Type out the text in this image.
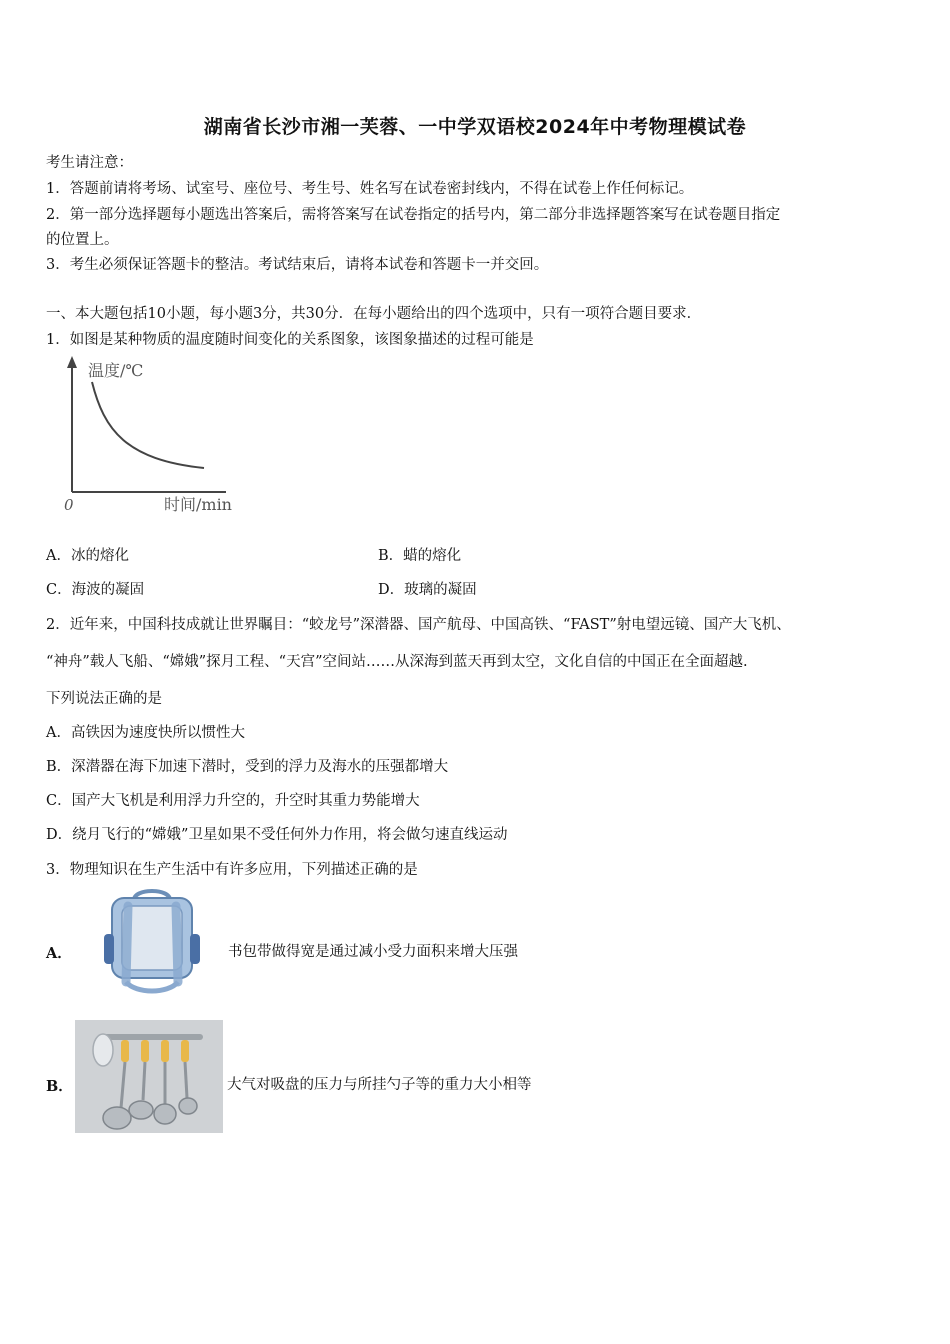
湖南省长沙市湘一芙蓉、一中学双语校2024年中考物理模试卷
考生请注意：
1．答题前请将考场、试室号、座位号、考生号、姓名写在试卷密封线内，不得在试卷上作任何标记。
2．第一部分选择题每小题选出答案后，需将答案写在试卷指定的括号内，第二部分非选择题答案写在试卷题目指定
的位置上。
3．考生必须保证答题卡的整洁。考试结束后，请将本试卷和答题卡一并交回。
一、本大题包括10小题，每小题3分，共30分．在每小题给出的四个选项中，只有一项符合题目要求．
1．如图是某种物质的温度随时间变化的关系图象，该图象描述的过程可能是
温度/℃
0	时间/min
A．冰的熔化	B．蜡的熔化
C．海波的凝固	D．玻璃的凝固
2．近年来，中国科技成就让世界瞩目：“蛟龙号”深潜器、国产航母、中国高铁、“FAST”射电望远镜、国产大飞机、
“神舟”载人飞船、“嫦娥”探月工程、“天宫”空间站……从深海到蓝天再到太空，文化自信的中国正在全面超越.
下列说法正确的是
A．高铁因为速度快所以惯性大
B．深潜器在海下加速下潜时，受到的浮力及海水的压强都增大
C．国产大飞机是利用浮力升空的，升空时其重力势能增大
D．绕月飞行的“嫦娥”卫星如果不受任何外力作用，将会做匀速直线运动
3．物理知识在生产生活中有许多应用，下列描述正确的是
A．	书包带做得宽是通过减小受力面积来增大压强
B．	大气对吸盘的压力与所挂勺子等的重力大小相等
